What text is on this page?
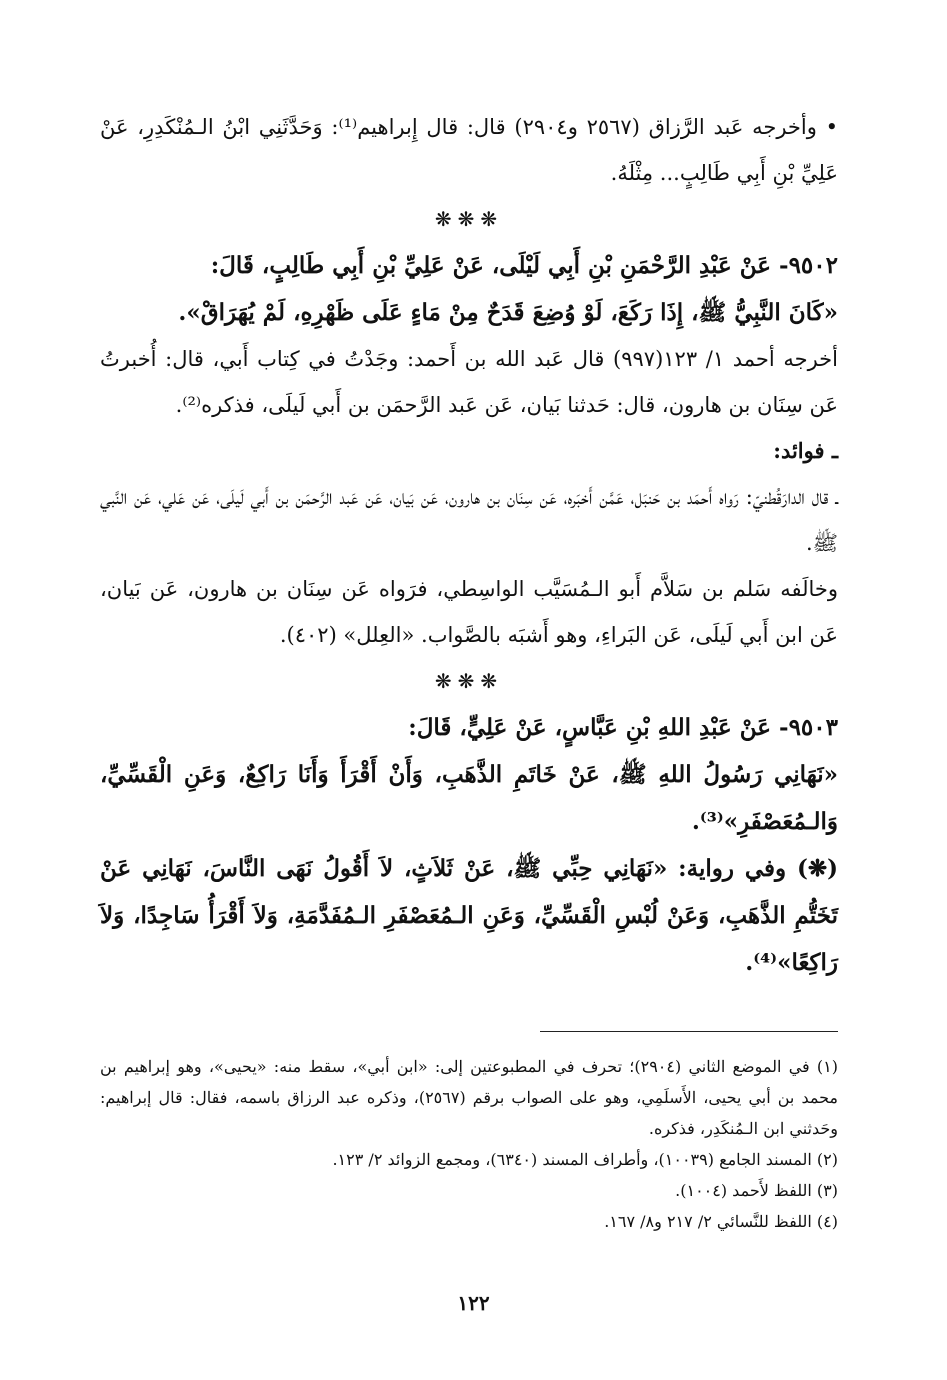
• وأخرجه عَبد الرَّزاق (٢٥٦٧ و٢٩٠٤) قال: قال إِبراهيم⁽¹⁾: وَحَدَّثَنِي ابْنُ الـمُنْكَدِرِ، عَنْ عَلِيِّ بْنِ أَبِي طَالِبٍ... مِثْلَهُ.

❋❋❋

٩٥٠٢- عَنْ عَبْدِ الرَّحْمَنِ بْنِ أَبِي لَيْلَى، عَنْ عَلِيِّ بْنِ أَبِي طَالِبٍ، قَالَ:

«كَانَ النَّبِيُّ ﷺ، إِذَا رَكَعَ، لَوْ وُضِعَ قَدَحٌ مِنْ مَاءٍ عَلَى ظَهْرِهِ، لَمْ يُهَرَاقْ».

أخرجه أحمد ١/ ١٢٣(٩٩٧) قال عَبد الله بن أَحمد: وجَدْتُ في كِتاب أَبي، قال: أُخبرتُ عَن سِنَان بن هارون، قال: حَدثنا بَيان، عَن عَبد الرَّحمَن بن أَبي لَيلَى، فذكره⁽²⁾.

ـ فوائد:

ـ قال الدارَقُطنيّ: رَواه أَحمَد بن حَنبَل، عَمَّن أَخبَره، عَن سِنَان بن هارون، عَن بَيان، عَن عَبد الرَّحمَن بن أَبي لَيلَى، عَن عَلي، عَن النَّبي ﷺ.

وخالَفه سَلم بن سَلاَّم أَبو الـمُسَيَّب الواسِطي، فرَواه عَن سِنَان بن هارون، عَن بَيان، عَن ابن أَبي لَيلَى، عَن البَراءِ، وهو أَشبَه بالصَّواب. «العِلل» (٤٠٢).

❋❋❋

٩٥٠٣- عَنْ عَبْدِ اللهِ بْنِ عَبَّاسٍ، عَنْ عَلِيٍّ، قَالَ:

«نَهَانِي رَسُولُ اللهِ ﷺ، عَنْ خَاتَمِ الذَّهَبِ، وَأَنْ أَقْرَأَ وَأَنَا رَاكِعٌ، وَعَنِ الْقَسِّيِّ، وَالـمُعَصْفَرِ»⁽³⁾.

(❋) وفي رواية: «نَهَانِي حِبِّي ﷺ، عَنْ ثَلاَثٍ، لاَ أَقُولُ نَهَى النَّاسَ، نَهَانِي عَنْ تَخَتُّمِ الذَّهَبِ، وَعَنْ لُبْسِ الْقَسِّيِّ، وَعَنِ الـمُعَصْفَرِ الـمُفَدَّمَةِ، وَلاَ أَقْرَأُ سَاجِدًا، وَلاَ رَاكِعًا»⁽⁴⁾.

(١) في الموضع الثاني (٢٩٠٤)؛ تحرف في المطبوعتين إلى: «ابن أبي»، سقط منه: «يحيى»، وهو إبراهيم بن محمد بن أبي يحيى، الأَسلَمِي، وهو على الصواب برقم (٢٥٦٧)، وذكره عبد الرزاق باسمه، فقال: قال إبراهيم: وحَدثني ابن الـمُنكَدِر، فذكره.

(٢) المسند الجامع (١٠٠٣٩)، وأطراف المسند (٦٣٤٠)، ومجمع الزوائد ٢/ ١٢٣.

(٣) اللفظ لأَحمد (١٠٠٤).

(٤) اللفظ للنَّسائي ٢/ ٢١٧ و٨/ ١٦٧.

١٢٢
